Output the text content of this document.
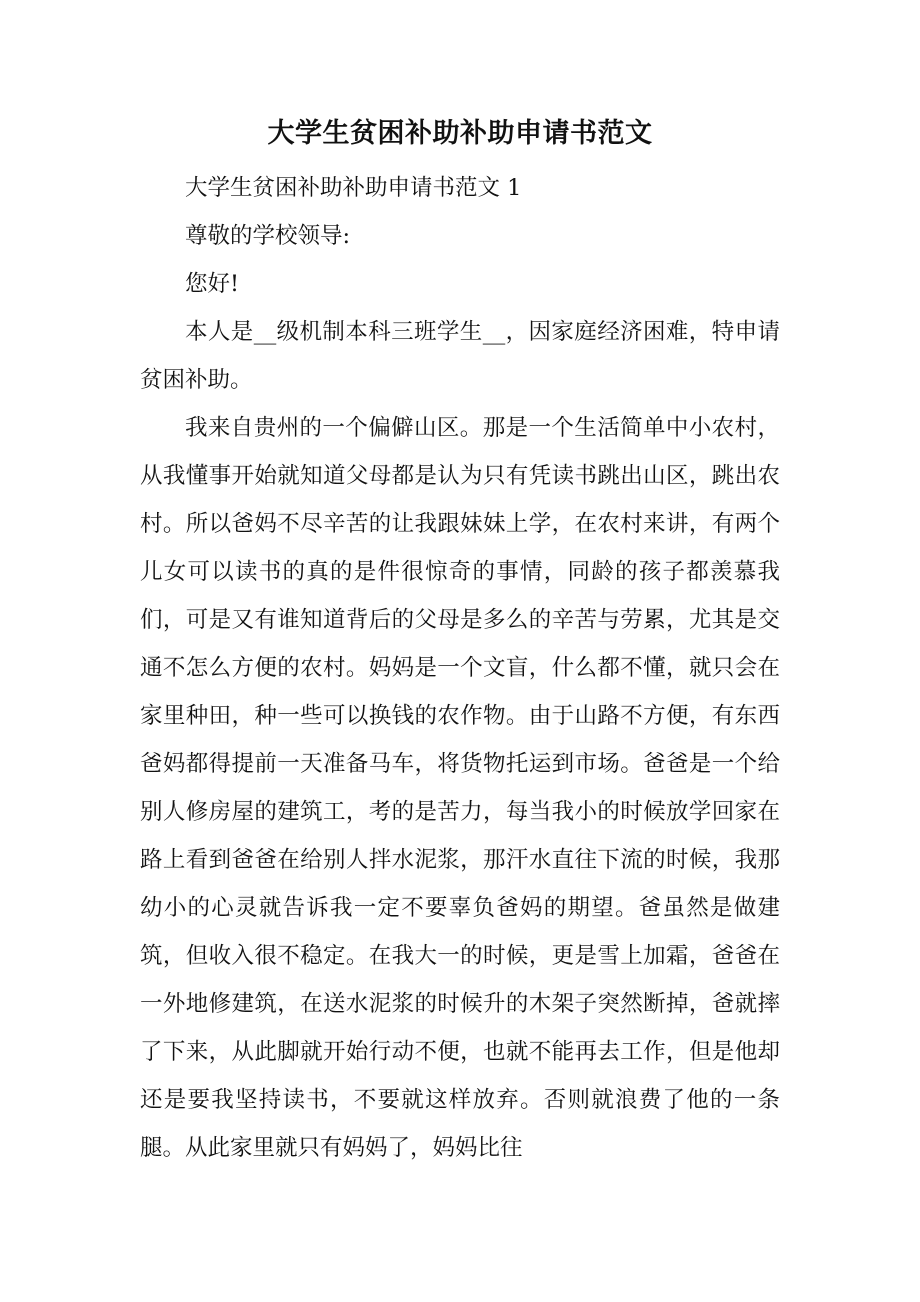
大学生贫困补助补助申请书范文

大学生贫困补助补助申请书范文 1

尊敬的学校领导:

您好!

本人是__级机制本科三班学生__，因家庭经济困难，特申请贫困补助。

我来自贵州的一个偏僻山区。那是一个生活简单中小农村，从我懂事开始就知道父母都是认为只有凭读书跳出山区，跳出农村。所以爸妈不尽辛苦的让我跟妹妹上学，在农村来讲，有两个儿女可以读书的真的是件很惊奇的事情，同龄的孩子都羡慕我们，可是又有谁知道背后的父母是多么的辛苦与劳累，尤其是交通不怎么方便的农村。妈妈是一个文盲，什么都不懂，就只会在家里种田，种一些可以换钱的农作物。由于山路不方便，有东西爸妈都得提前一天准备马车，将货物托运到市场。爸爸是一个给别人修房屋的建筑工，考的是苦力，每当我小的时候放学回家在路上看到爸爸在给别人拌水泥浆，那汗水直往下流的时候，我那幼小的心灵就告诉我一定不要辜负爸妈的期望。爸虽然是做建筑，但收入很不稳定。在我大一的时候，更是雪上加霜，爸爸在一外地修建筑，在送水泥浆的时候升的木架子突然断掉，爸就摔了下来，从此脚就开始行动不便，也就不能再去工作，但是他却还是要我坚持读书，不要就这样放弃。否则就浪费了他的一条腿。从此家里就只有妈妈了，妈妈比往
